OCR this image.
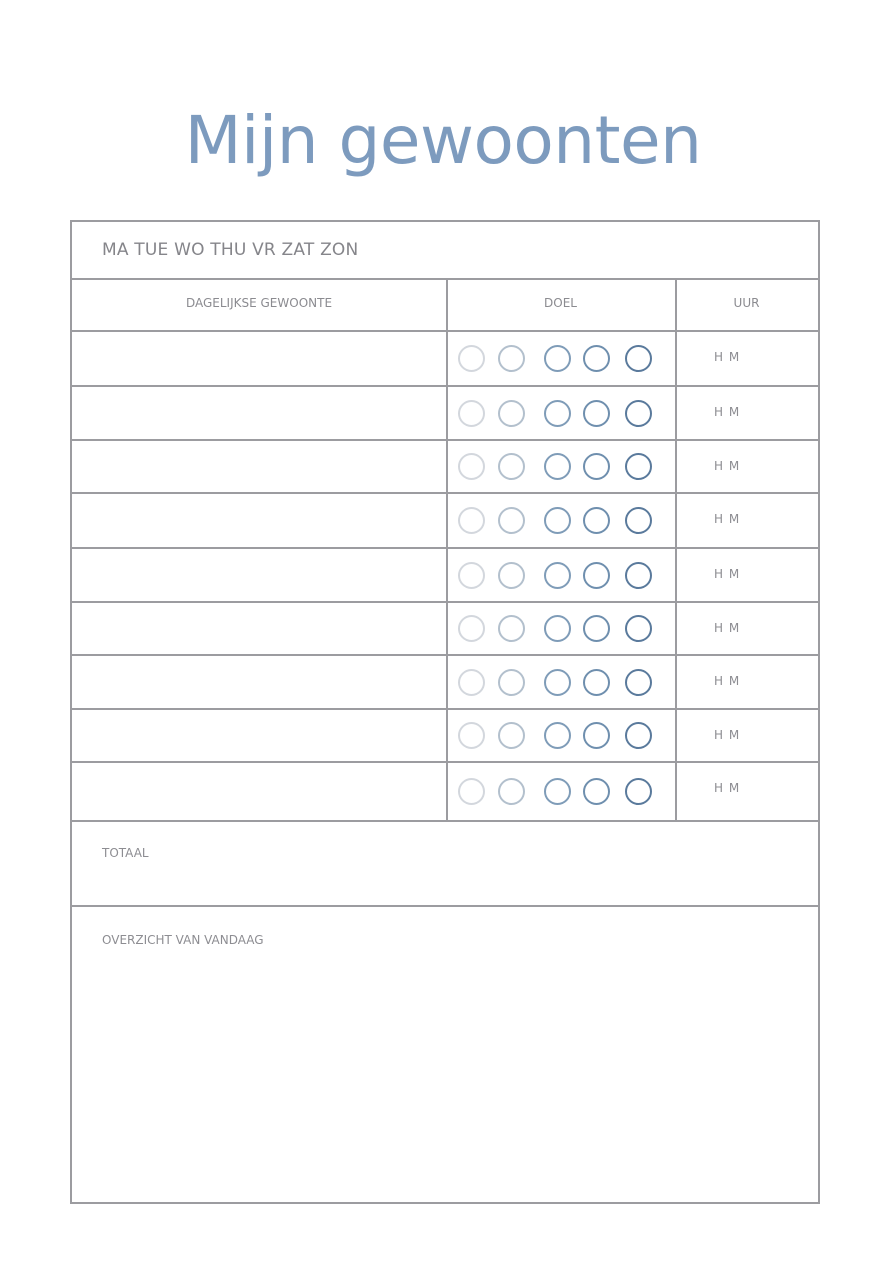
Mijn gewoonten
MA TUE WO THU VR ZAT ZON
DAGELIJKSE GEWOONTE	DOEL	UUR
H M
H M
H M
H M
H M
H M
H M
H M
H M
TOTAAL
OVERZICHT VAN VANDAAG
